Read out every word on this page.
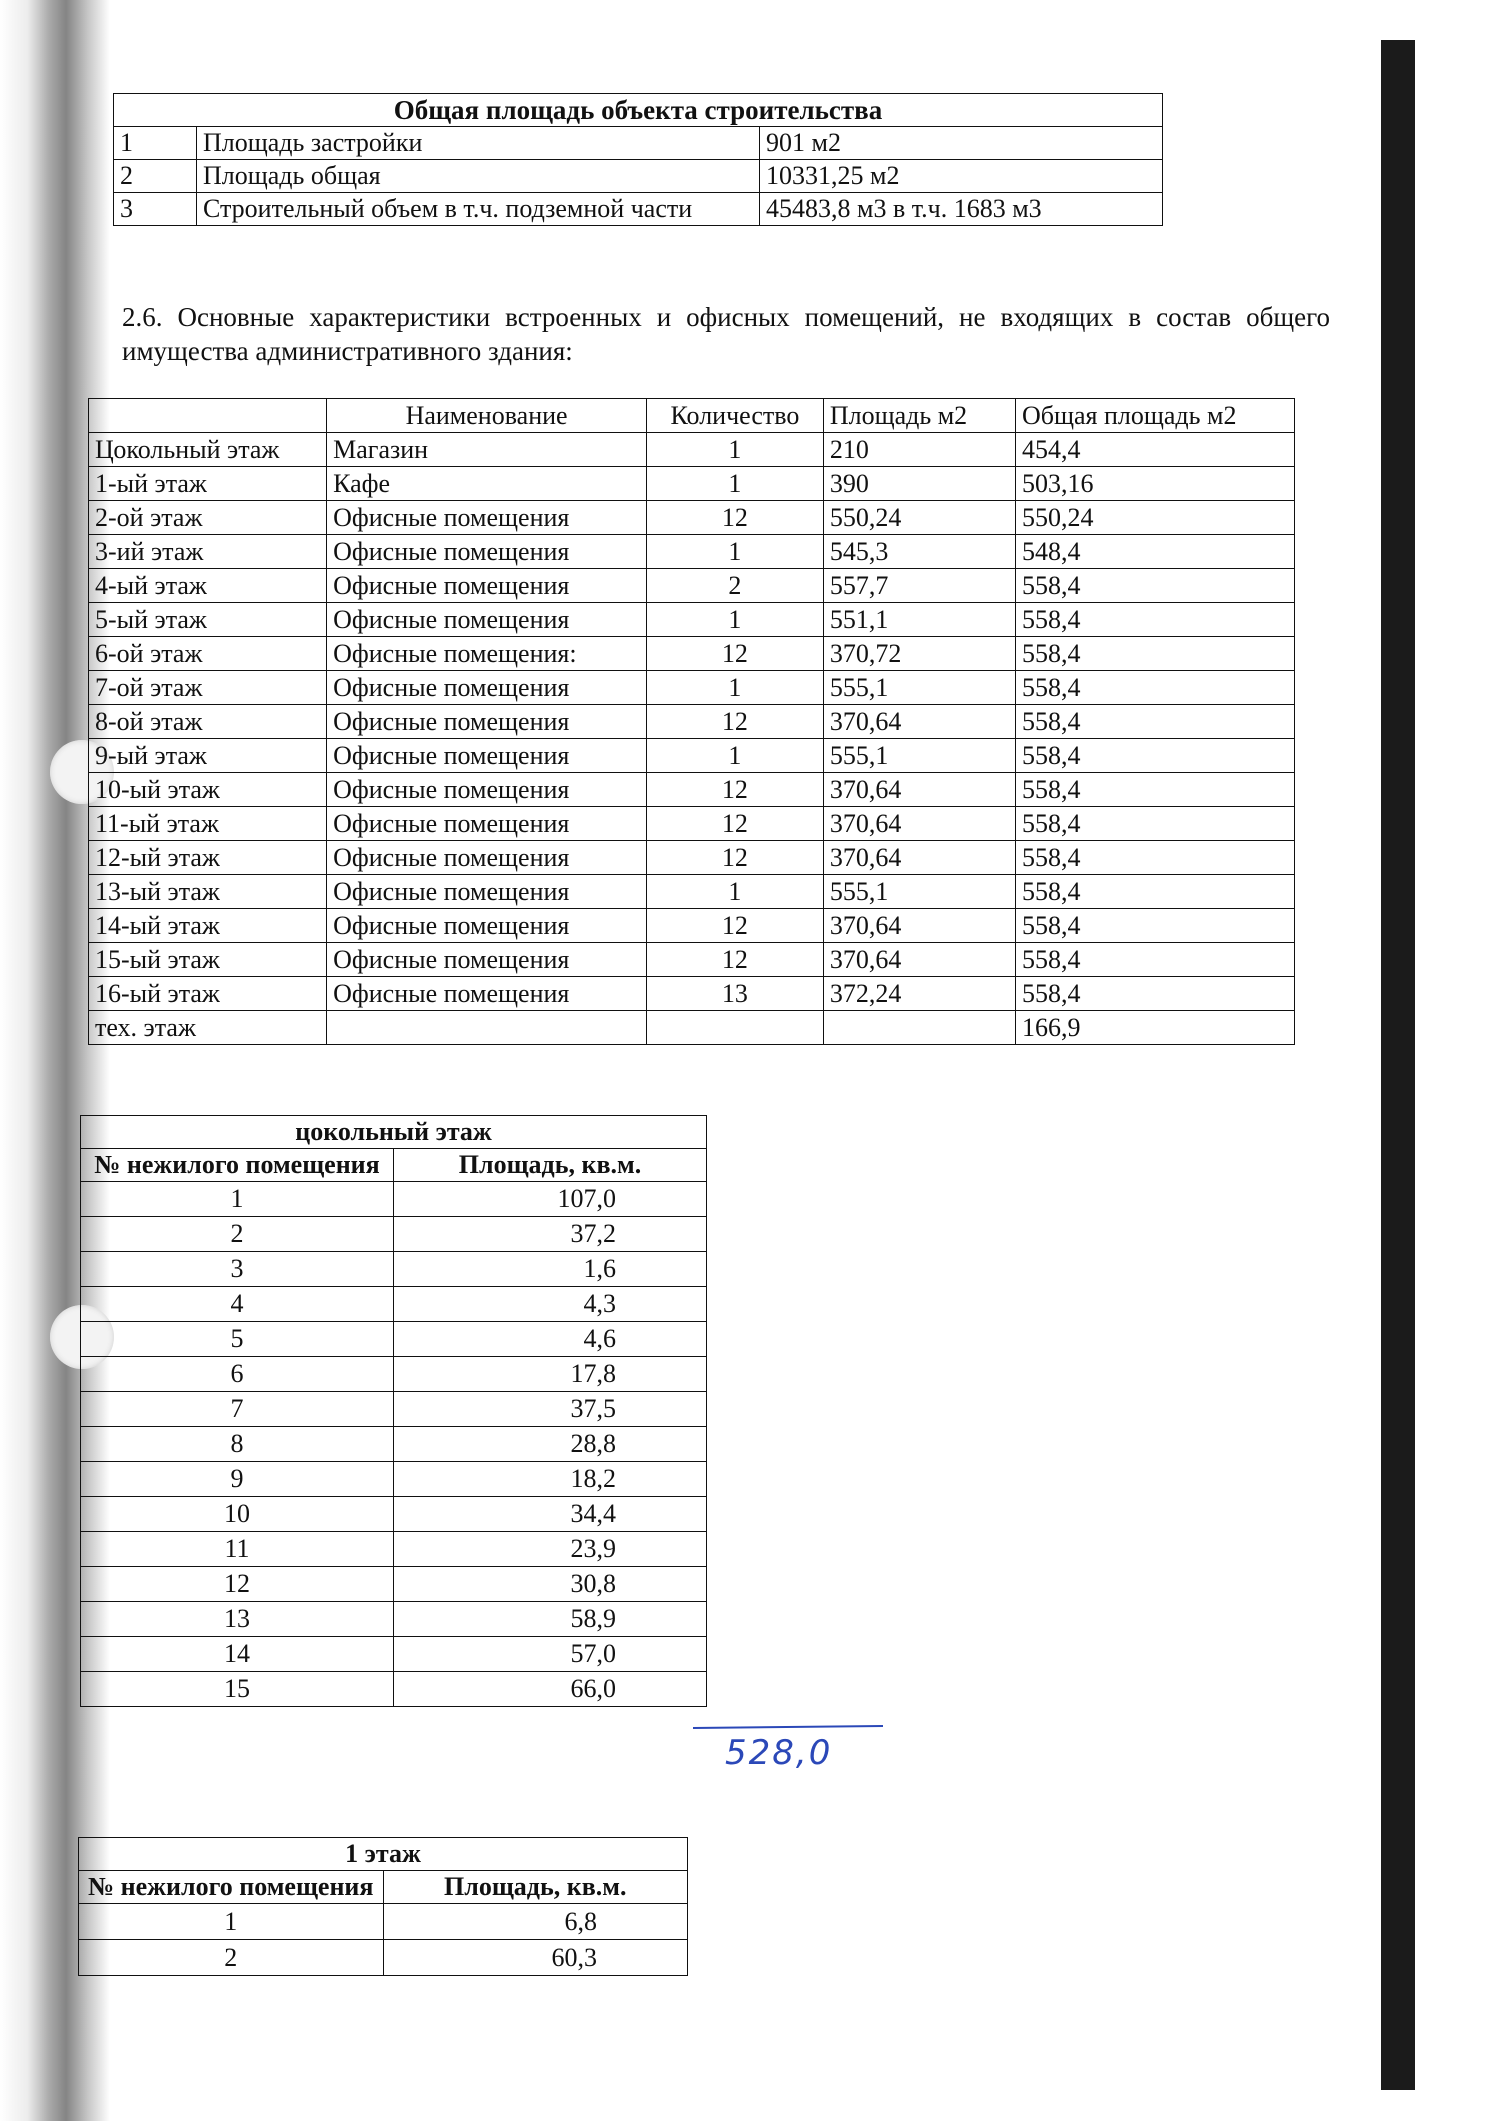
Общая площадь объекта строительства		
1	Площадь застройки	901 м2
2	Площадь общая	10331,25 м2
3	Строительный объем в т.ч. подземной части	45483,8 м3 в т.ч. 1683 м3
2.6. Основные характеристики встроенных и офисных помещений, не входящих в состав общего имущества административного здания:
	Наименование	Количество	Площадь м2	Общая площадь м2
Цокольный этаж	Магазин	1	210	454,4
1-ый этаж	Кафе	1	390	503,16
2-ой этаж	Офисные помещения	12	550,24	550,24
3-ий этаж	Офисные помещения	1	545,3	548,4
4-ый этаж	Офисные помещения	2	557,7	558,4
5-ый этаж	Офисные помещения	1	551,1	558,4
6-ой этаж	Офисные помещения:	12	370,72	558,4
7-ой этаж	Офисные помещения	1	555,1	558,4
8-ой этаж	Офисные помещения	12	370,64	558,4
9-ый этаж	Офисные помещения	1	555,1	558,4
10-ый этаж	Офисные помещения	12	370,64	558,4
11-ый этаж	Офисные помещения	12	370,64	558,4
12-ый этаж	Офисные помещения	12	370,64	558,4
13-ый этаж	Офисные помещения	1	555,1	558,4
14-ый этаж	Офисные помещения	12	370,64	558,4
15-ый этаж	Офисные помещения	12	370,64	558,4
16-ый этаж	Офисные помещения	13	372,24	558,4
тех. этаж				166,9
цокольный этаж	
№ нежилого помещения	Площадь, кв.м.
1	107,0
2	37,2
3	1,6
4	4,3
5	4,6
6	17,8
7	37,5
8	28,8
9	18,2
10	34,4
11	23,9
12	30,8
13	58,9
14	57,0
15	66,0
528,0
1 этаж	
№ нежилого помещения	Площадь, кв.м.
1	6,8
2	60,3
